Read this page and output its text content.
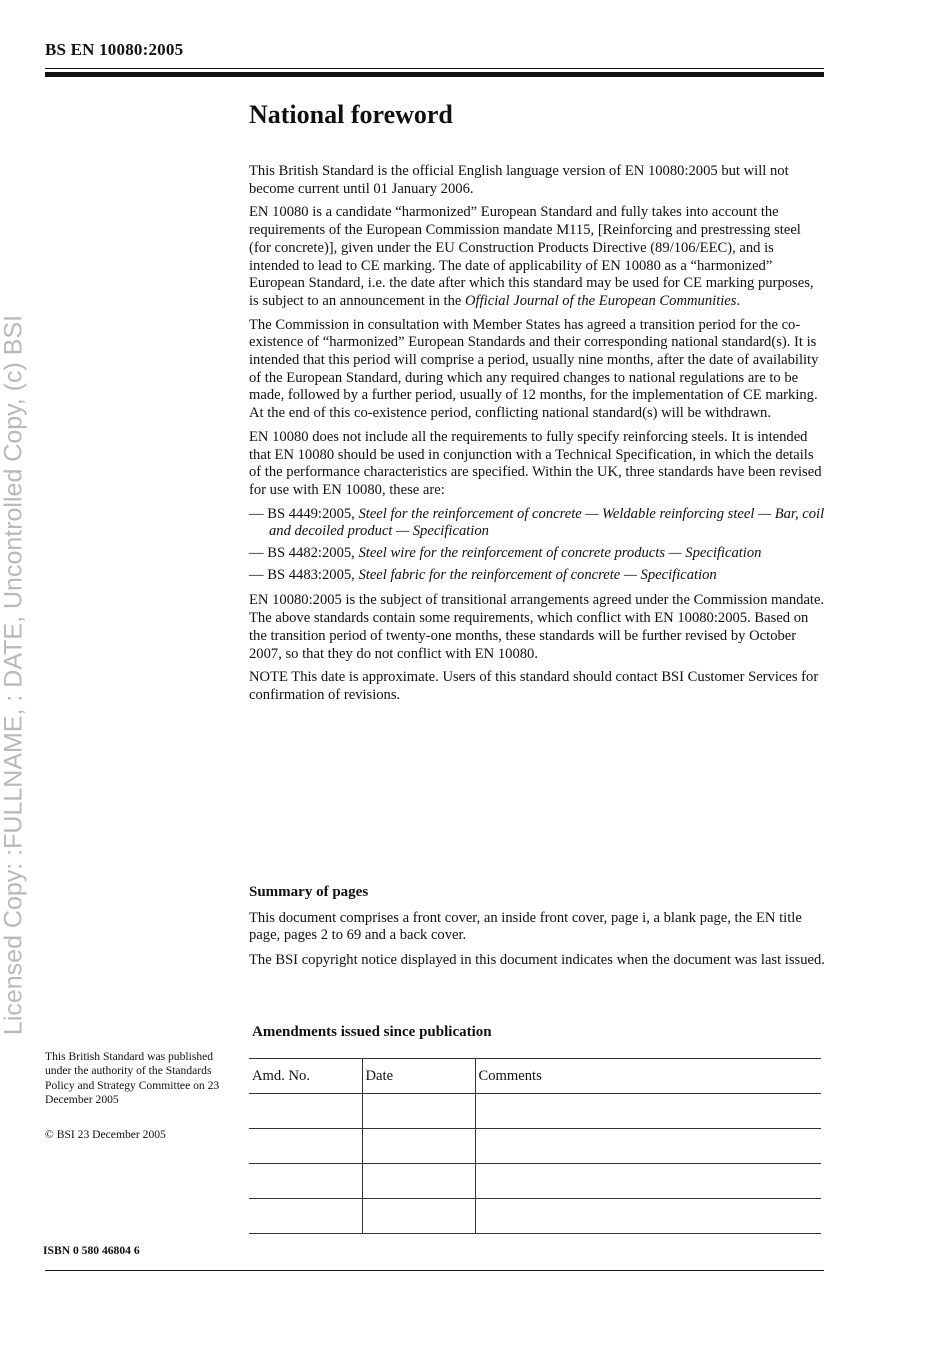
Licensed Copy: :FULLNAME, : DATE, Uncontrolled Copy, (c) BSI
BS EN 10080:2005
National foreword

This British Standard is the official English language version of EN 10080:2005 but will not become current until 01 January 2006.

EN 10080 is a candidate “harmonized” European Standard and fully takes into account the requirements of the European Commission mandate M115, [Reinforcing and prestressing steel (for concrete)], given under the EU Construction Products Directive (89/106/EEC), and is intended to lead to CE marking. The date of applicability of EN 10080 as a “harmonized” European Standard, i.e. the date after which this standard may be used for CE marking purposes, is subject to an announcement in the Official Journal of the European Communities.

The Commission in consultation with Member States has agreed a transition period for the co-existence of “harmonized” European Standards and their corresponding national standard(s). It is intended that this period will comprise a period, usually nine months, after the date of availability of the European Standard, during which any required changes to national regulations are to be made, followed by a further period, usually of 12 months, for the implementation of CE marking. At the end of this co-existence period, conflicting national standard(s) will be withdrawn.

EN 10080 does not include all the requirements to fully specify reinforcing steels. It is intended that EN 10080 should be used in conjunction with a Technical Specification, in which the details of the performance characteristics are specified. Within the UK, three standards have been revised for use with EN 10080, these are:

— BS 4449:2005, Steel for the reinforcement of concrete — Weldable reinforcing steel — Bar, coil and decoiled product — Specification
— BS 4482:2005, Steel wire for the reinforcement of concrete products — Specification
— BS 4483:2005, Steel fabric for the reinforcement of concrete — Specification

EN 10080:2005 is the subject of transitional arrangements agreed under the Commission mandate. The above standards contain some requirements, which conflict with EN 10080:2005. Based on the transition period of twenty-one months, these standards will be further revised by October 2007, so that they do not conflict with EN 10080.

NOTE This date is approximate. Users of this standard should contact BSI Customer Services for confirmation of revisions.

Summary of pages

This document comprises a front cover, an inside front cover, page i, a blank page, the EN title page, pages 2 to 69 and a back cover.

The BSI copyright notice displayed in this document indicates when the document was last issued.

Amendments issued since publication
Amd. No.	Date	Comments

This British Standard was published under the authority of the Standards Policy and Strategy Committee on 23 December 2005

© BSI 23 December 2005

ISBN 0 580 46804 6
